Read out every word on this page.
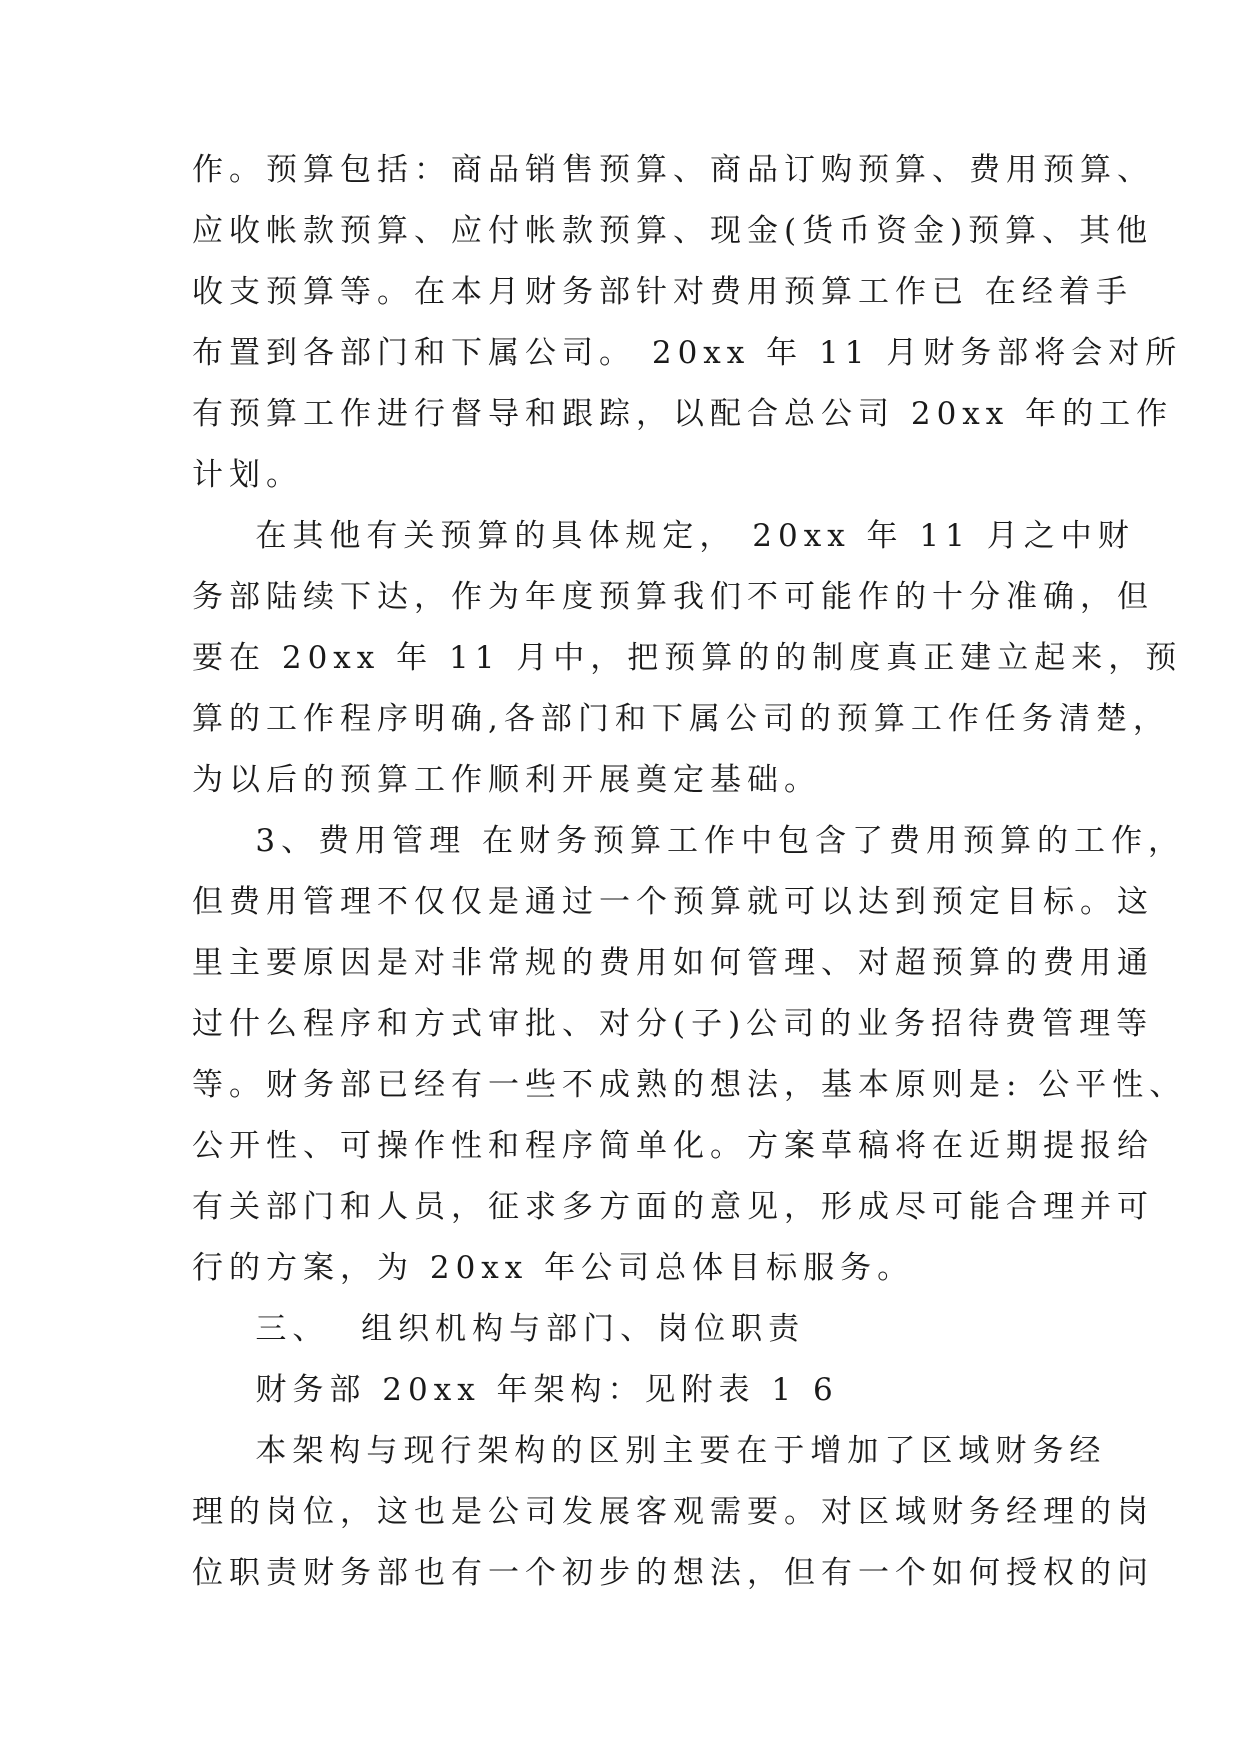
作。预算包括：商品销售预算、商品订购预算、费用预算、
应收帐款预算、应付帐款预算、现金(货币资金)预算、其他
收支预算等。在本月财务部针对费用预算工作已 在经着手
布置到各部门和下属公司。 20xx 年 11 月财务部将会对所
有预算工作进行督导和跟踪，以配合总公司 20xx 年的工作
计划。
在其他有关预算的具体规定， 20xx 年 11 月之中财
务部陆续下达，作为年度预算我们不可能作的十分准确，但
要在 20xx 年 11 月中，把预算的的制度真正建立起来，预
算的工作程序明确,各部门和下属公司的预算工作任务清楚，
为以后的预算工作顺利开展奠定基础。
3、费用管理 在财务预算工作中包含了费用预算的工作，
但费用管理不仅仅是通过一个预算就可以达到预定目标。这
里主要原因是对非常规的费用如何管理、对超预算的费用通
过什么程序和方式审批、对分(子)公司的业务招待费管理等
等。财务部已经有一些不成熟的想法，基本原则是: 公平性、
公开性、可操作性和程序简单化。方案草稿将在近期提报给
有关部门和人员，征求多方面的意见，形成尽可能合理并可
行的方案，为 20xx 年公司总体目标服务。
三、  组织机构与部门、岗位职责
财务部 20xx 年架构：见附表 1 6
本架构与现行架构的区别主要在于增加了区域财务经
理的岗位，这也是公司发展客观需要。对区域财务经理的岗
位职责财务部也有一个初步的想法，但有一个如何授权的问
